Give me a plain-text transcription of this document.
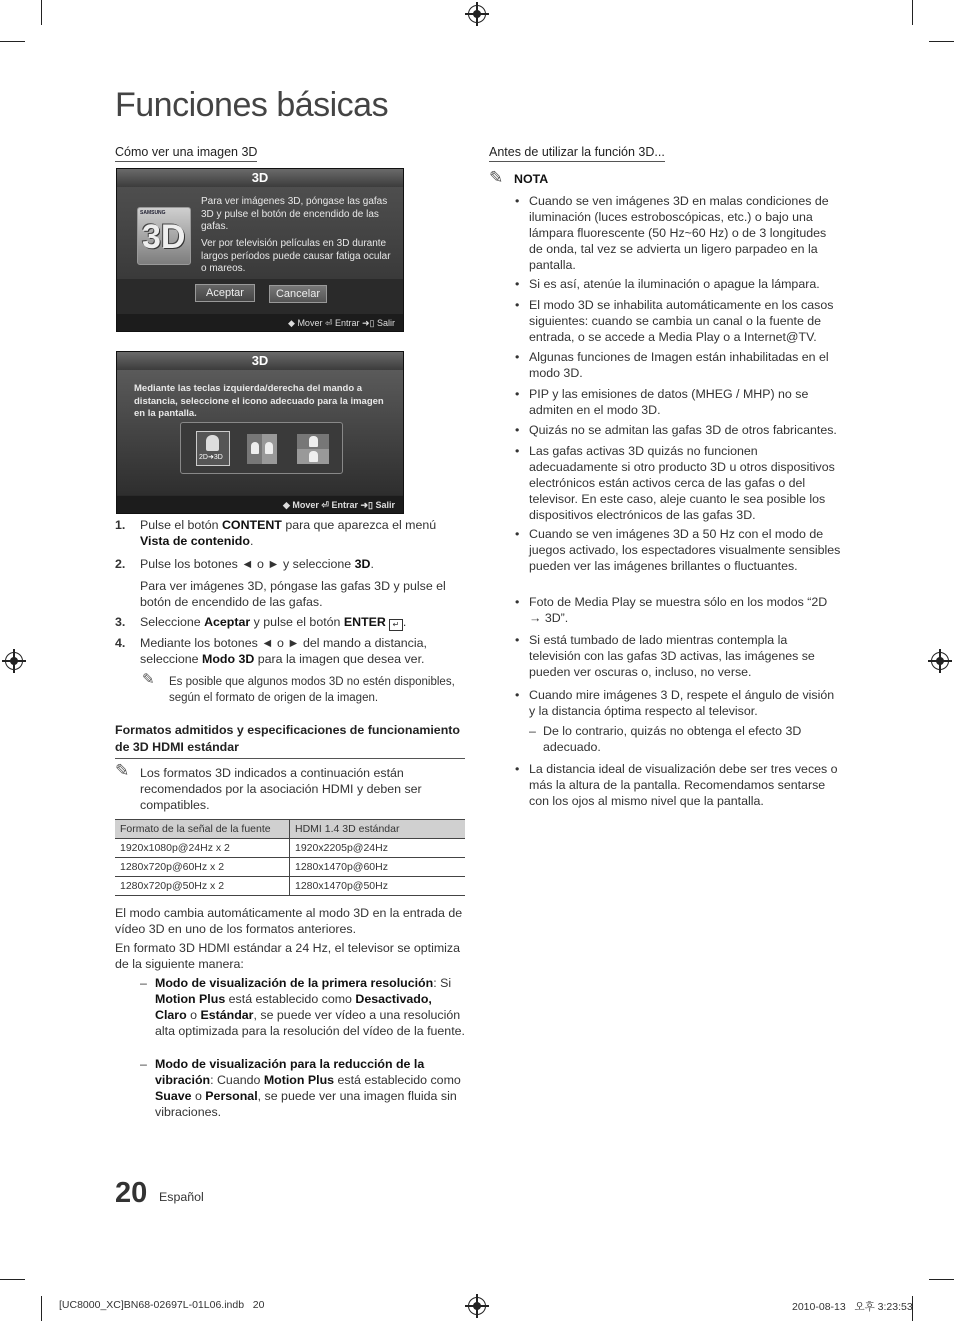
Funciones básicas
Cómo ver una imagen 3D
3D
SAMSUNG
3D
Para ver imágenes 3D, póngase las gafas 3D y pulse el botón de encendido de las gafas.
Ver por televisión películas en 3D durante largos períodos puede causar fatiga ocular o mareos.
Aceptar	Cancelar
◆ Mover ⏎ Entrar ➜▯ Salir
3D
Mediante las teclas izquierda/derecha del mando a distancia, seleccione el icono adecuado para la imagen en la pantalla.
2D➜3D
◆ Mover ⏎ Entrar ➜▯ Salir
1. Pulse el botón CONTENT para que aparezca el menú Vista de contenido.
2. Pulse los botones ◄ o ► y seleccione 3D.
Para ver imágenes 3D, póngase las gafas 3D y pulse el botón de encendido de las gafas.
3. Seleccione Aceptar y pulse el botón ENTER ↵ .
4. Mediante los botones ◄ o ► del mando a distancia, seleccione Modo 3D para la imagen que desea ver.
✎ Es posible que algunos modos 3D no estén disponibles, según el formato de origen de la imagen.
Formatos admitidos y especificaciones de funcionamiento de 3D HDMI estándar
✎ Los formatos 3D indicados a continuación están recomendados por la asociación HDMI y deben ser compatibles.
Formato de la señal de la fuente	HDMI 1.4 3D estándar
1920x1080p@24Hz x 2	1920x2205p@24Hz
1280x720p@60Hz x 2	1280x1470p@60Hz
1280x720p@50Hz x 2	1280x1470p@50Hz
El modo cambia automáticamente al modo 3D en la entrada de vídeo 3D en uno de los formatos anteriores.
En formato 3D HDMI estándar a 24 Hz, el televisor se optimiza de la siguiente manera:
– Modo de visualización de la primera resolución: Si Motion Plus está establecido como Desactivado, Claro o Estándar, se puede ver vídeo a una resolución alta optimizada para la resolución del vídeo de la fuente.
– Modo de visualización para la reducción de la vibración: Cuando Motion Plus está establecido como Suave o Personal, se puede ver una imagen fluida sin vibraciones.
Antes de utilizar la función 3D...
✎ NOTA
• Cuando se ven imágenes 3D en malas condiciones de iluminación (luces estroboscópicas, etc.) o bajo una lámpara fluorescente (50 Hz~60 Hz) o de 3 longitudes de onda, tal vez se advierta un ligero parpadeo en la pantalla.
• Si es así, atenúe la iluminación o apague la lámpara.
• El modo 3D se inhabilita automáticamente en los casos siguientes: cuando se cambia un canal o la fuente de entrada, o se accede a Media Play o a Internet@TV.
• Algunas funciones de Imagen están inhabilitadas en el modo 3D.
• PIP y las emisiones de datos (MHEG / MHP) no se admiten en el modo 3D.
• Quizás no se admitan las gafas 3D de otros fabricantes.
• Las gafas activas 3D quizás no funcionen adecuadamente si otro producto 3D u otros dispositivos electrónicos están activos cerca de las gafas o del televisor. En este caso, aleje cuanto le sea posible los dispositivos electrónicos de las gafas 3D.
• Cuando se ven imágenes 3D a 50 Hz con el modo de juegos activado, los espectadores visualmente sensibles pueden ver las imágenes brillantes o fluctuantes.
• Foto de Media Play se muestra sólo en los modos “2D → 3D”.
• Si está tumbado de lado mientras contempla la televisión con las gafas 3D activas, las imágenes se pueden ver oscuras o, incluso, no verse.
• Cuando mire imágenes 3 D, respete el ángulo de visión y la distancia óptima respecto al televisor.
– De lo contrario, quizás no obtenga el efecto 3D adecuado.
• La distancia ideal de visualización debe ser tres veces o más la altura de la pantalla. Recomendamos sentarse con los ojos al mismo nivel que la pantalla.
20 Español
[UC8000_XC]BN68-02697L-01L06.indb   20	2010-08-13   오후 3:23:53
